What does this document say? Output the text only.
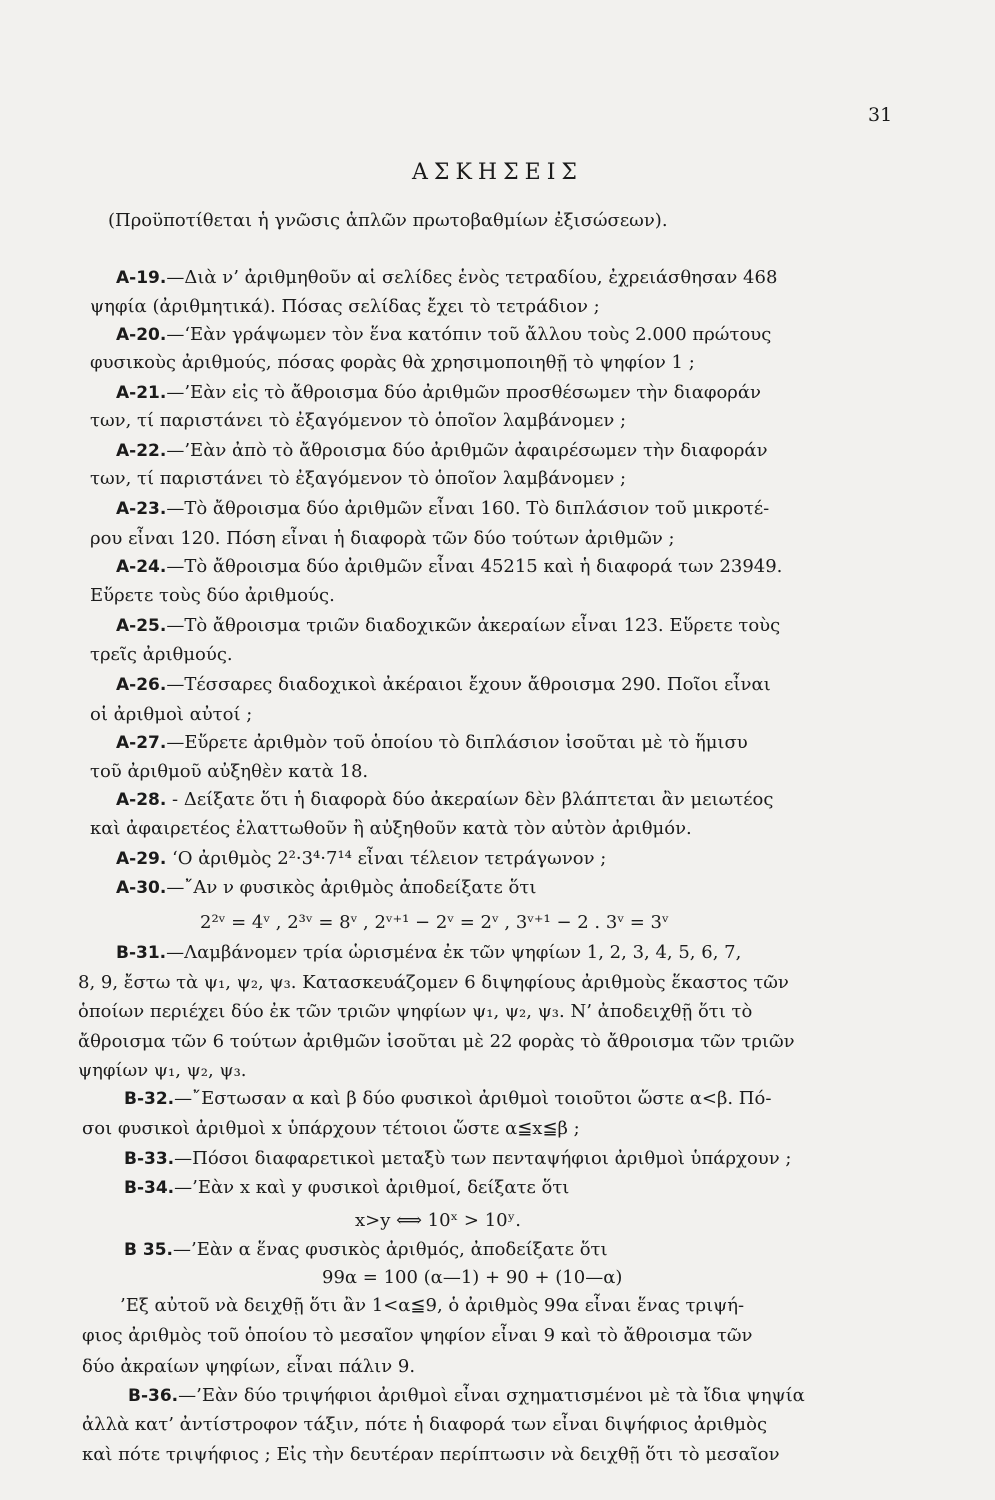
31
ΑΣΚΗΣΕΙΣ
(Προϋποτίθεται ἡ γνῶσις ἁπλῶν πρωτοβαθμίων ἐξισώσεων).
Α-19.—Διὰ ν’ ἀριθμηθοῦν αἱ σελίδες ἑνὸς τετραδίου, ἐχρειάσθησαν 468
ψηφία (ἀριθμητικά). Πόσας σελίδας ἔχει τὸ τετράδιον ;
Α-20.—‘Εὰν γράψωμεν τὸν ἕνα κατόπιν τοῦ ἄλλου τοὺς 2.000 πρώτους
φυσικοὺς ἀριθμούς, πόσας φορὰς θὰ χρησιμοποιηθῇ τὸ ψηφίον 1 ;
Α-21.—’Εὰν εἰς τὸ ἄθροισμα δύο ἀριθμῶν προσθέσωμεν τὴν διαφοράν
των, τί παριστάνει τὸ ἐξαγόμενον τὸ ὁποῖον λαμβάνομεν ;
Α-22.—’Εὰν ἀπὸ τὸ ἄθροισμα δύο ἀριθμῶν ἀφαιρέσωμεν τὴν διαφοράν
των, τί παριστάνει τὸ ἐξαγόμενον τὸ ὁποῖον λαμβάνομεν ;
Α-23.—Τὸ ἄθροισμα δύο ἀριθμῶν εἶναι 160. Τὸ διπλάσιον τοῦ μικροτέ-
ρου εἶναι 120. Πόση εἶναι ἡ διαφορὰ τῶν δύο τούτων ἀριθμῶν ;
Α-24.—Τὸ ἄθροισμα δύο ἀριθμῶν εἶναι 45215 καὶ ἡ διαφορά των 23949.
Εὕρετε τοὺς δύο ἀριθμούς.
Α-25.—Τὸ ἄθροισμα τριῶν διαδοχικῶν ἀκεραίων εἶναι 123. Εὕρετε τοὺς
τρεῖς ἀριθμούς.
Α-26.—Τέσσαρες διαδοχικοὶ ἀκέραιοι ἔχουν ἄθροισμα 290. Ποῖοι εἶναι
οἱ ἀριθμοὶ αὐτοί ;
Α-27.—Εὕρετε ἀριθμὸν τοῦ ὁποίου τὸ διπλάσιον ἰσοῦται μὲ τὸ ἥμισυ
τοῦ ἀριθμοῦ αὐξηθὲν κατὰ 18.
Α-28. - Δείξατε ὅτι ἡ διαφορὰ δύο ἀκεραίων δὲν βλάπτεται ἂν μειωτέος
καὶ ἀφαιρετέος ἐλαττωθοῦν ἢ αὐξηθοῦν κατὰ τὸν αὐτὸν ἀριθμόν.
Α-29. ‘Ο ἀριθμὸς 2²·3⁴·7¹⁴ εἶναι τέλειον τετράγωνον ;
Α-30.—῎Αν ν φυσικὸς ἀριθμὸς ἀποδείξατε ὅτι
2²ᵛ = 4ᵛ , 2³ᵛ = 8ᵛ , 2ᵛ⁺¹ − 2ᵛ = 2ᵛ , 3ᵛ⁺¹ − 2 . 3ᵛ = 3ᵛ
Β-31.—Λαμβάνομεν τρία ὡρισμένα ἐκ τῶν ψηφίων 1, 2, 3, 4, 5, 6, 7,
8, 9, ἔστω τὰ ψ₁, ψ₂, ψ₃. Κατασκευάζομεν 6 διψηφίους ἀριθμοὺς ἕκαστος τῶν
ὁποίων περιέχει δύο ἐκ τῶν τριῶν ψηφίων ψ₁, ψ₂, ψ₃. Ν’ ἀποδειχθῇ ὅτι τὸ
ἄθροισμα τῶν 6 τούτων ἀριθμῶν ἰσοῦται μὲ 22 φορὰς τὸ ἄθροισμα τῶν τριῶν
ψηφίων ψ₁, ψ₂, ψ₃.
Β-32.—῎Εστωσαν α καὶ β δύο φυσικοὶ ἀριθμοὶ τοιοῦτοι ὥστε α<β. Πό-
σοι φυσικοὶ ἀριθμοὶ x ὑπάρχουν τέτοιοι ὥστε α≦x≦β ;
Β-33.—Πόσοι διαφαρετικοὶ μεταξὺ των πενταψήφιοι ἀριθμοὶ ὑπάρχουν ;
Β-34.—’Εὰν x καὶ y φυσικοὶ ἀριθμοί, δείξατε ὅτι
x>y ⟺ 10ˣ > 10ʸ.
Β 35.—’Εὰν α ἕνας φυσικὸς ἀριθμός, ἀποδείξατε ὅτι
99α = 100 (α—1) + 90 + (10—α)
’Εξ αὐτοῦ νὰ δειχθῇ ὅτι ἂν 1<α≦9, ὁ ἀριθμὸς 99α εἶναι ἕνας τριψή-
φιος ἀριθμὸς τοῦ ὁποίου τὸ μεσαῖον ψηφίον εἶναι 9 καὶ τὸ ἄθροισμα τῶν
δύο ἀκραίων ψηφίων, εἶναι πάλιν 9.
Β-36.—’Εὰν δύο τριψήφιοι ἀριθμοὶ εἶναι σχηματισμένοι μὲ τὰ ἴδια ψηψία
ἀλλὰ κατ’ ἀντίστροφον τάξιν, πότε ἡ διαφορά των εἶναι διψήφιος ἀριθμὸς
καὶ πότε τριψήφιος ; Εἰς τὴν δευτέραν περίπτωσιν νὰ δειχθῇ ὅτι τὸ μεσαῖον
